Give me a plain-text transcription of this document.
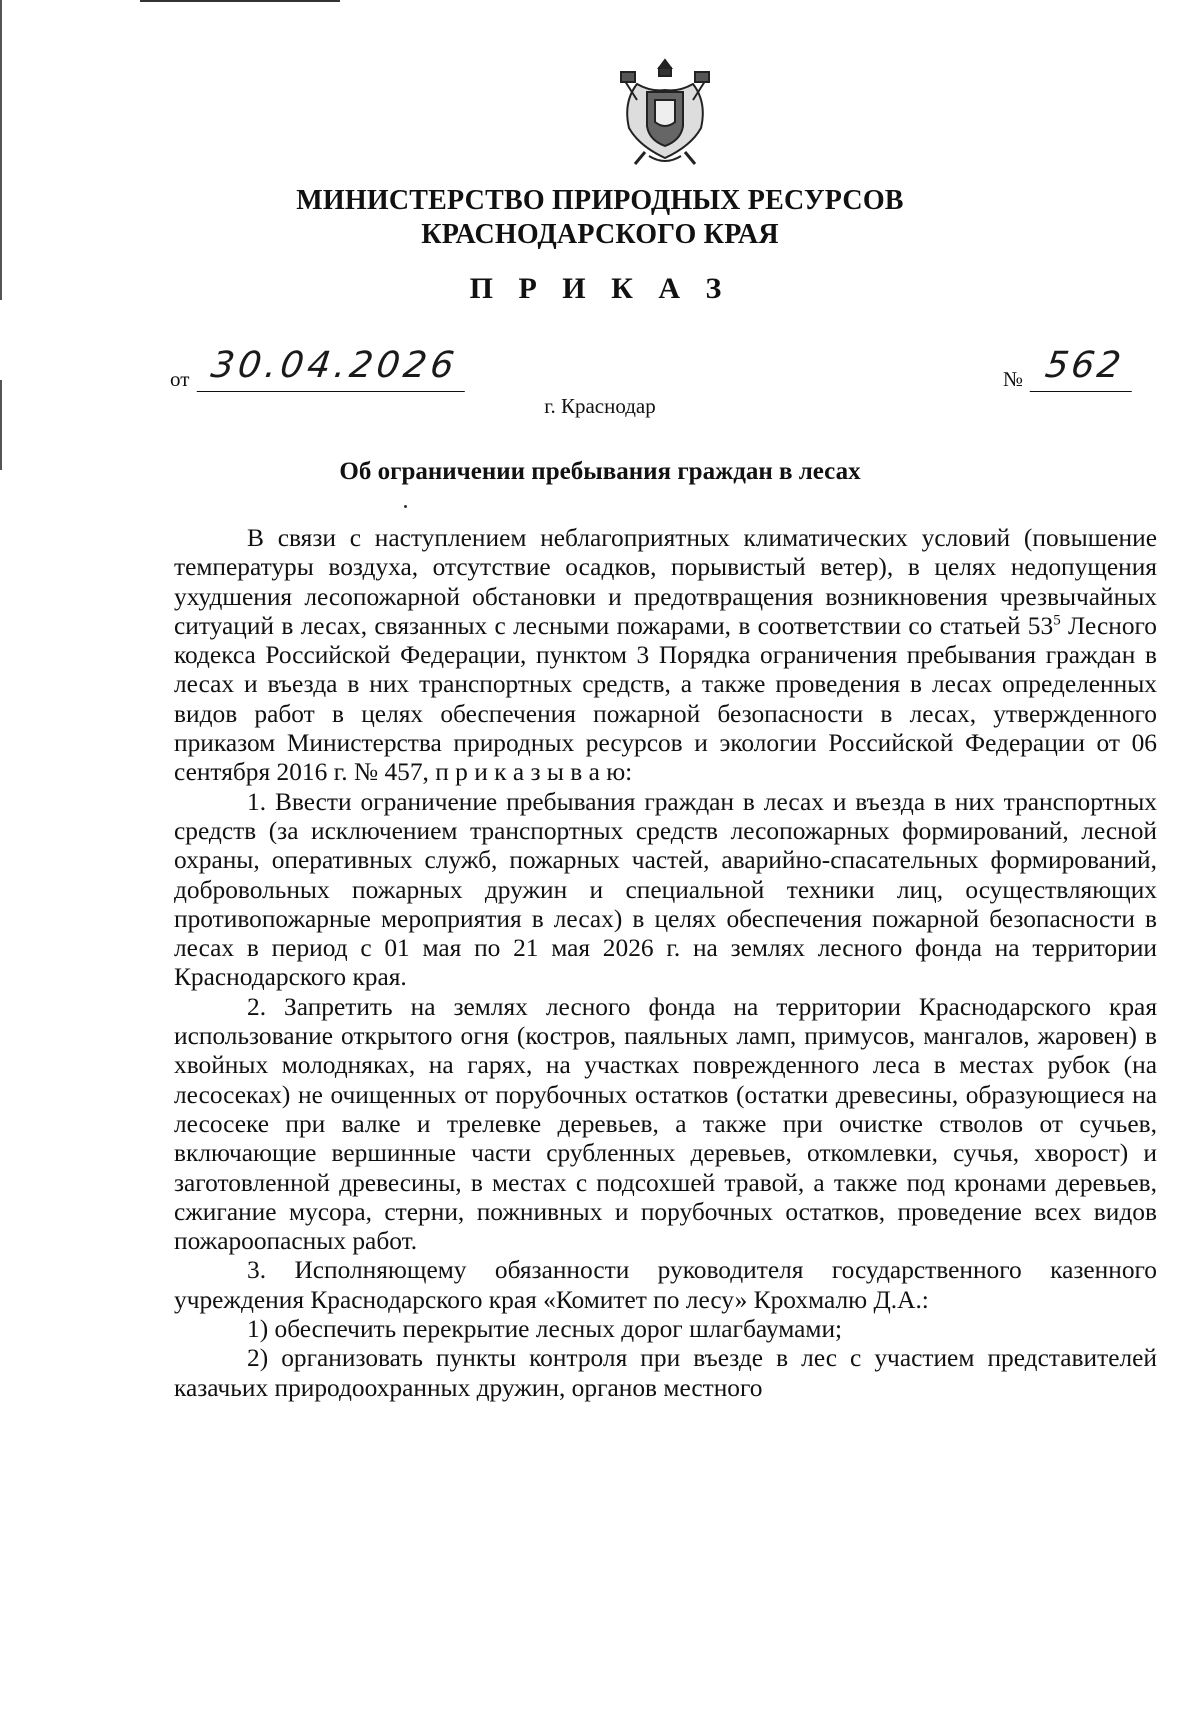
МИНИСТЕРСТВО ПРИРОДНЫХ РЕСУРСОВ
КРАСНОДАРСКОГО КРАЯ
П Р И К А З
от 30.04.2026	№ 562
г. Краснодар
Об ограничении пребывания граждан в лесах

В связи с наступлением неблагоприятных климатических условий (повышение температуры воздуха, отсутствие осадков, порывистый ветер), в целях недопущения ухудшения лесопожарной обстановки и предотвращения возникновения чрезвычайных ситуаций в лесах, связанных с лесными пожарами, в соответствии со статьей $53^5$ Лесного кодекса Российской Федерации, пунктом 3 Порядка ограничения пребывания граждан в лесах и въезда в них транспортных средств, а также проведения в лесах определенных видов работ в целях обеспечения пожарной безопасности в лесах, утвержденного приказом Министерства природных ресурсов и экологии Российской Федерации от 06 сентября 2016 г. № 457, п р и к а з ы в а ю:

1. Ввести ограничение пребывания граждан в лесах и въезда в них транспортных средств (за исключением транспортных средств лесопожарных формирований, лесной охраны, оперативных служб, пожарных частей, аварийно-спасательных формирований, добровольных пожарных дружин и специальной техники лиц, осуществляющих противопожарные мероприятия в лесах) в целях обеспечения пожарной безопасности в лесах в период с 01 мая по 21 мая 2026 г. на землях лесного фонда на территории Краснодарского края.

2. Запретить на землях лесного фонда на территории Краснодарского края использование открытого огня (костров, паяльных ламп, примусов, мангалов, жаровен) в хвойных молодняках, на гарях, на участках поврежденного леса в местах рубок (на лесосеках) не очищенных от порубочных остатков (остатки древесины, образующиеся на лесосеке при валке и трелевке деревьев, а также при очистке стволов от сучьев, включающие вершинные части срубленных деревьев, откомлевки, сучья, хворост) и заготовленной древесины, в местах с подсохшей травой, а также под кронами деревьев, сжигание мусора, стерни, пожнивных и порубочных остатков, проведение всех видов пожароопасных работ.

3. Исполняющему обязанности руководителя государственного казенного учреждения Краснодарского края «Комитет по лесу» Крохмалю Д.А.:

1) обеспечить перекрытие лесных дорог шлагбаумами;

2) организовать пункты контроля при въезде в лес с участием представителей казачьих природоохранных дружин, органов местного
